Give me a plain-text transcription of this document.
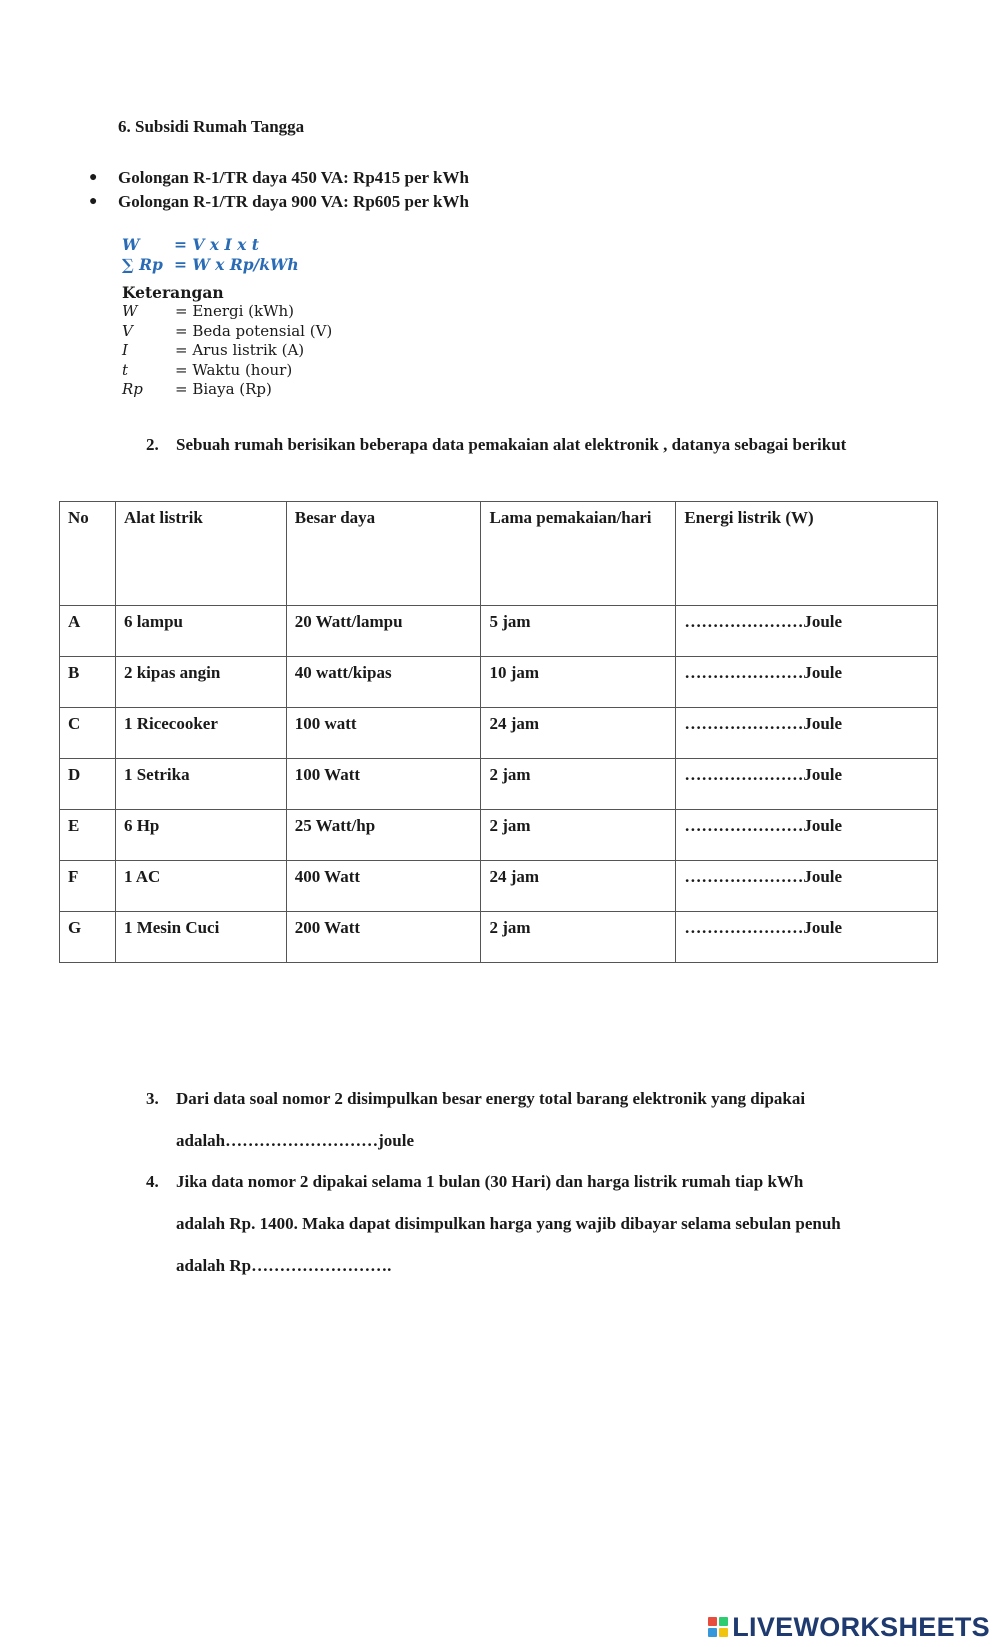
6. Subsidi Rumah Tangga
● Golongan R-1/TR daya 450 VA: Rp415 per kWh
● Golongan R-1/TR daya 900 VA: Rp605 per kWh
W = V x I x t
∑ Rp = W x Rp/kWh
Keterangan
W	= Energi (kWh)
V	= Beda potensial (V)
I	= Arus listrik (A)
t	= Waktu (hour)
Rp = Biaya (Rp)
2. Sebuah rumah berisikan beberapa data pemakaian alat elektronik , datanya sebagai berikut
No	Alat listrik	Besar daya	Lama pemakaian/hari	Energi listrik (W)
A	6 lampu	20 Watt/lampu	5 jam	…………………Joule
B	2 kipas angin	40 watt/kipas	10 jam	…………………Joule
C	1 Ricecooker	100 watt	24 jam	…………………Joule
D	1 Setrika	100 Watt	2 jam	…………………Joule
E	6 Hp	25 Watt/hp	2 jam	…………………Joule
F	1 AC	400 Watt	24 jam	…………………Joule
G	1 Mesin Cuci	200 Watt	2 jam	…………………Joule
3. Dari data soal nomor 2 disimpulkan besar energy total barang elektronik yang dipakai
adalah………………………joule
4. Jika data nomor 2 dipakai selama 1 bulan (30 Hari) dan harga listrik rumah tiap kWh
adalah Rp. 1400. Maka dapat disimpulkan harga yang wajib dibayar selama sebulan penuh
adalah Rp…………………….
LIVEWORKSHEETS
